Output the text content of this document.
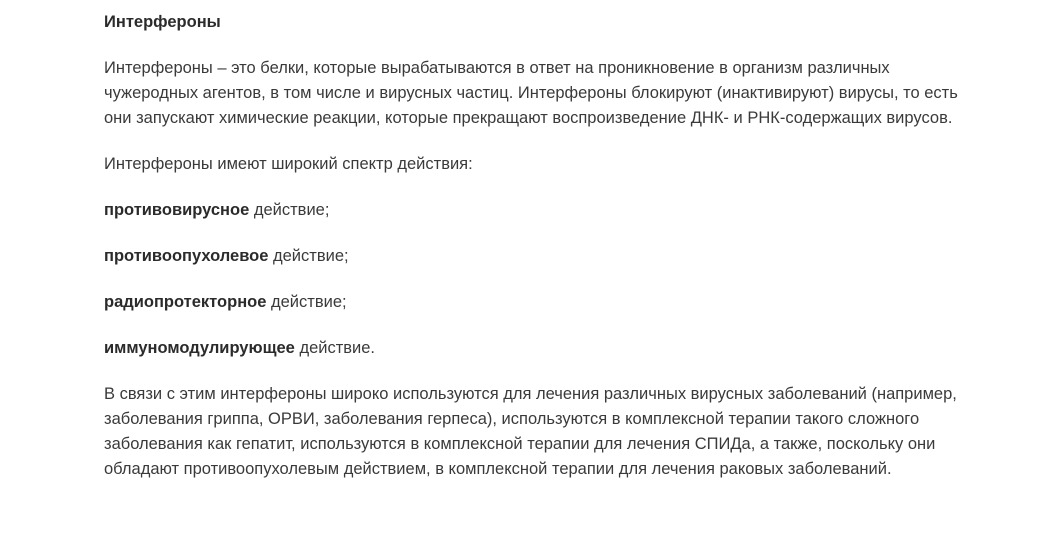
Интерфероны

Интерфероны – это белки, которые вырабатываются в ответ на проникновение в организм различных чужеродных агентов, в том числе и вирусных частиц. Интерфероны блокируют (инактивируют) вирусы, то есть они запускают химические реакции, которые прекращают воспроизведение ДНК- и РНК-содержащих вирусов.

Интерфероны имеют широкий спектр действия:

противовирусное действие;

противоопухолевое действие;

радиопротекторное действие;

иммуномодулирующее действие.

В связи с этим интерфероны широко используются для лечения различных вирусных заболеваний (например, заболевания гриппа, ОРВИ, заболевания герпеса), используются в комплексной терапии такого сложного заболевания как гепатит, используются в комплексной терапии для лечения СПИДа, а также, поскольку они обладают противоопухолевым действием, в комплексной терапии для лечения раковых заболеваний.
